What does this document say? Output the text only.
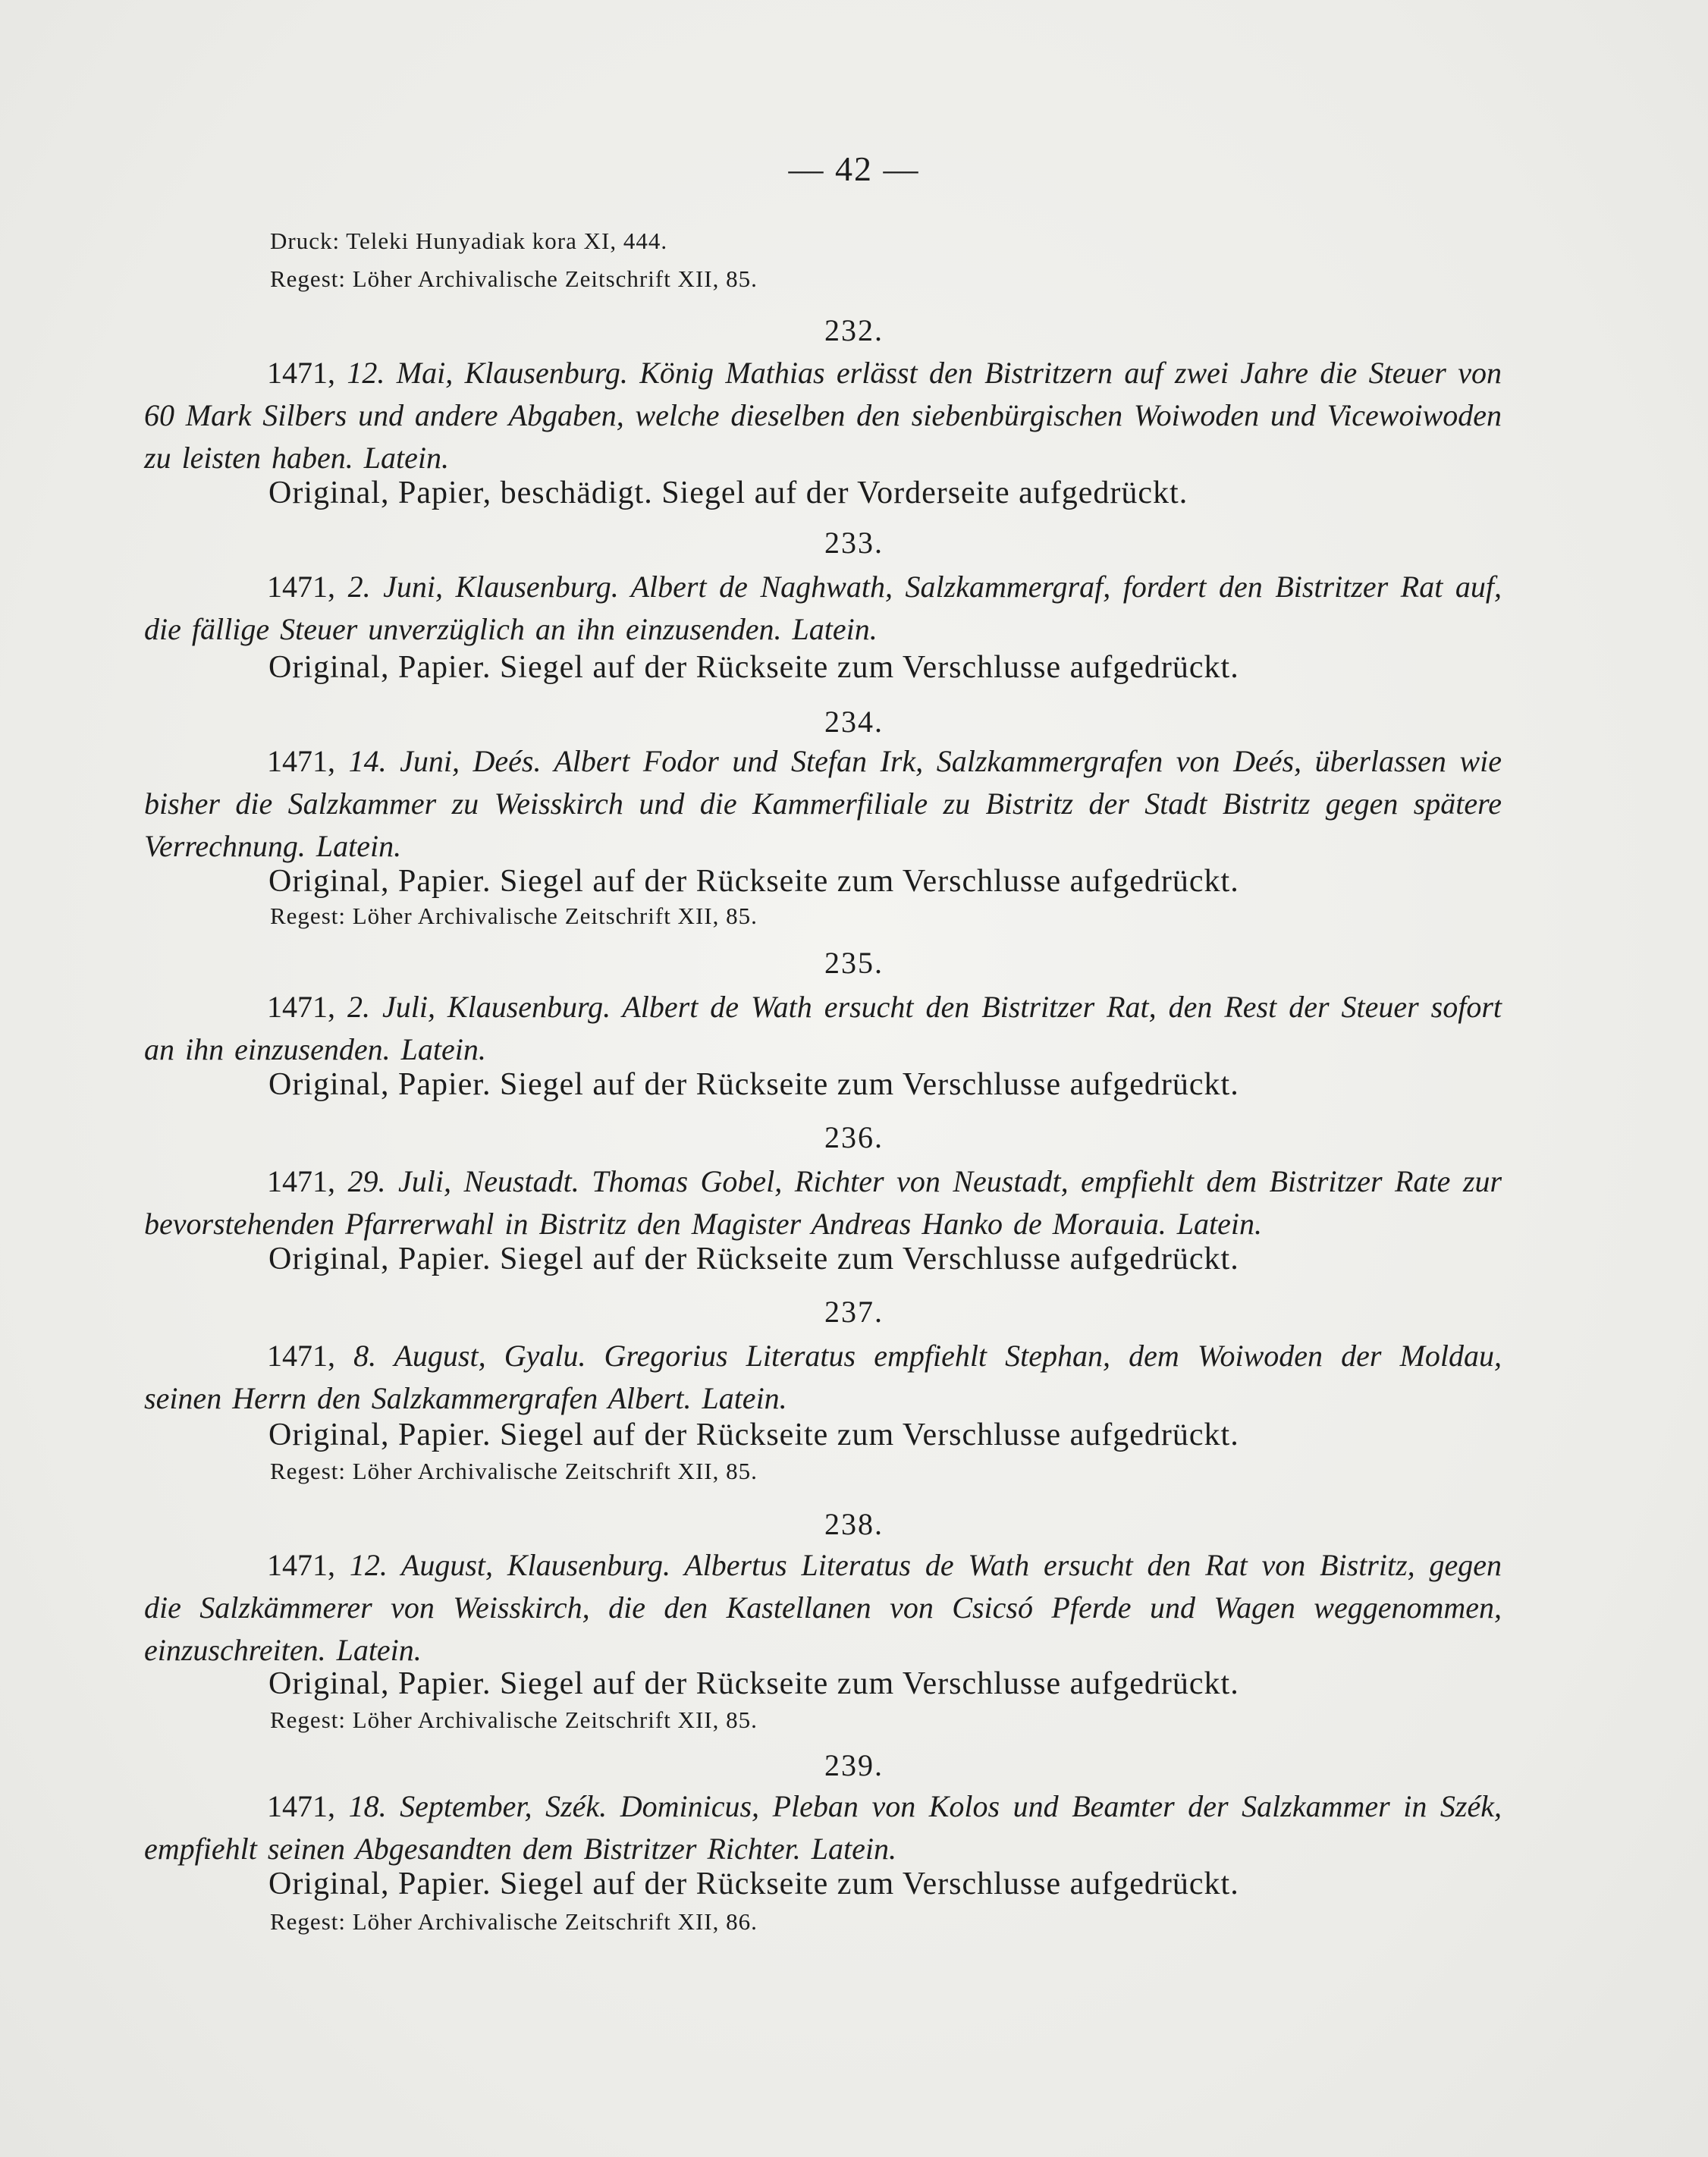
— 42 —
Druck: Teleki Hunyadiak kora XI, 444.
Regest: Löher Archivalische Zeitschrift XII, 85.
232.
1471, 12. Mai, Klausenburg. König Mathias erlässt den Bistritzern auf zwei Jahre die Steuer von 60 Mark Silbers und andere Abgaben, welche dieselben den siebenbürgischen Woiwoden und Vicewoiwoden zu leisten haben. Latein.
Original, Papier, beschädigt. Siegel auf der Vorderseite aufgedrückt.
233.
1471, 2. Juni, Klausenburg. Albert de Naghwath, Salzkammergraf, fordert den Bistritzer Rat auf, die fällige Steuer unverzüglich an ihn einzusenden. Latein.
Original, Papier. Siegel auf der Rückseite zum Verschlusse aufgedrückt.
234.
1471, 14. Juni, Deés. Albert Fodor und Stefan Irk, Salzkammergrafen von Deés, überlassen wie bisher die Salzkammer zu Weisskirch und die Kammerfiliale zu Bistritz der Stadt Bistritz gegen spätere Verrechnung. Latein.
Original, Papier. Siegel auf der Rückseite zum Verschlusse aufgedrückt.
Regest: Löher Archivalische Zeitschrift XII, 85.
235.
1471, 2. Juli, Klausenburg. Albert de Wath ersucht den Bistritzer Rat, den Rest der Steuer sofort an ihn einzusenden. Latein.
Original, Papier. Siegel auf der Rückseite zum Verschlusse aufgedrückt.
236.
1471, 29. Juli, Neustadt. Thomas Gobel, Richter von Neustadt, empfiehlt dem Bistritzer Rate zur bevorstehenden Pfarrerwahl in Bistritz den Magister Andreas Hanko de Morauia. Latein.
Original, Papier. Siegel auf der Rückseite zum Verschlusse aufgedrückt.
237.
1471, 8. August, Gyalu. Gregorius Literatus empfiehlt Stephan, dem Woiwoden der Moldau, seinen Herrn den Salzkammergrafen Albert. Latein.
Original, Papier. Siegel auf der Rückseite zum Verschlusse aufgedrückt.
Regest: Löher Archivalische Zeitschrift XII, 85.
238.
1471, 12. August, Klausenburg. Albertus Literatus de Wath ersucht den Rat von Bistritz, gegen die Salzkämmerer von Weisskirch, die den Kastellanen von Csicsó Pferde und Wagen weggenommen, einzuschreiten. Latein.
Original, Papier. Siegel auf der Rückseite zum Verschlusse aufgedrückt.
Regest: Löher Archivalische Zeitschrift XII, 85.
239.
1471, 18. September, Szék. Dominicus, Pleban von Kolos und Beamter der Salzkammer in Szék, empfiehlt seinen Abgesandten dem Bistritzer Richter. Latein.
Original, Papier. Siegel auf der Rückseite zum Verschlusse aufgedrückt.
Regest: Löher Archivalische Zeitschrift XII, 86.
